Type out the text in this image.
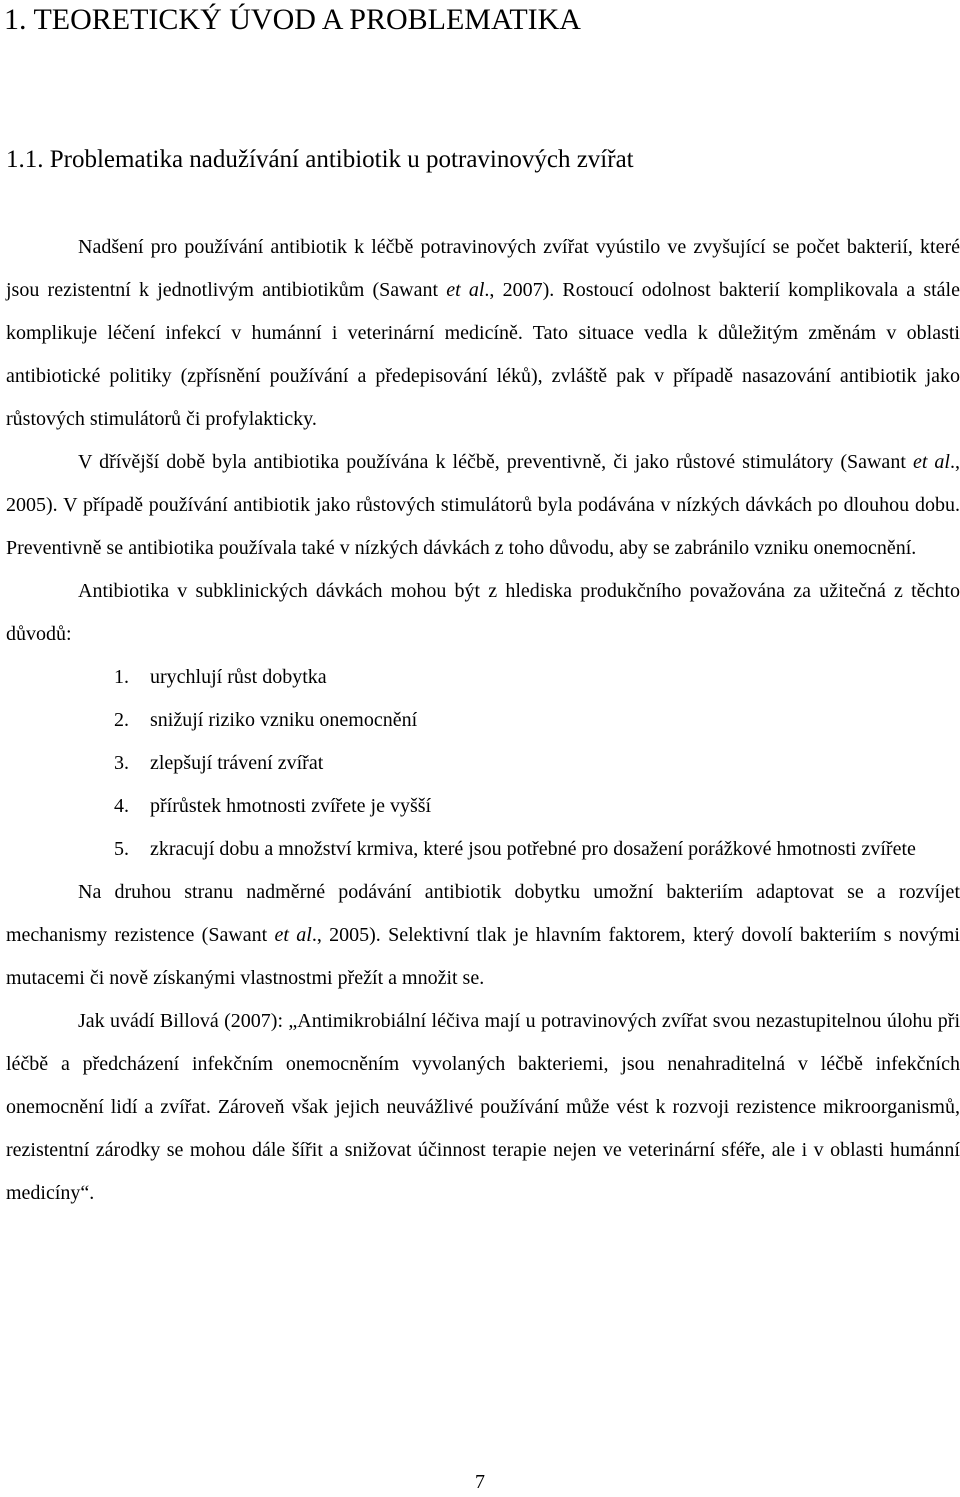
1. TEORETICKÝ ÚVOD A PROBLEMATIKA
1.1. Problematika nadužívání antibiotik u potravinových zvířat

Nadšení pro používání antibiotik k léčbě potravinových zvířat vyústilo ve zvyšující se počet bakterií, které jsou rezistentní k jednotlivým antibiotikům (Sawant et al., 2007). Rostoucí odolnost bakterií komplikovala a stále komplikuje léčení infekcí v humánní i veterinární medicíně. Tato situace vedla k důležitým změnám v oblasti antibiotické politiky (zpřísnění používání a předepisování léků), zvláště pak v případě nasazování antibiotik jako růstových stimulátorů či profylakticky.

V dřívější době byla antibiotika používána k léčbě, preventivně, či jako růstové stimulátory (Sawant et al., 2005). V případě používání antibiotik jako růstových stimulátorů byla podávána v nízkých dávkách po dlouhou dobu. Preventivně se antibiotika používala také v nízkých dávkách z toho důvodu, aby se zabránilo vzniku onemocnění.

Antibiotika v subklinických dávkách mohou být z hlediska produkčního považována za užitečná z těchto důvodů:

1. urychlují růst dobytka
2. snižují riziko vzniku onemocnění
3. zlepšují trávení zvířat
4. přírůstek hmotnosti zvířete je vyšší
5. zkracují dobu a množství krmiva, které jsou potřebné pro dosažení porážkové hmotnosti zvířete

Na druhou stranu nadměrné podávání antibiotik dobytku umožní bakteriím adaptovat se a rozvíjet mechanismy rezistence (Sawant et al., 2005). Selektivní tlak je hlavním faktorem, který dovolí bakteriím s novými mutacemi či nově získanými vlastnostmi přežít a množit se.

Jak uvádí Billová (2007): „Antimikrobiální léčiva mají u potravinových zvířat svou nezastupitelnou úlohu při léčbě a předcházení infekčním onemocněním vyvolaných bakteriemi, jsou nenahraditelná v léčbě infekčních onemocnění lidí a zvířat. Zároveň však jejich neuvážlivé používání může vést k rozvoji rezistence mikroorganismů, rezistentní zárodky se mohou dále šířit a snižovat účinnost terapie nejen ve veterinární sféře, ale i v oblasti humánní medicíny“.

7
